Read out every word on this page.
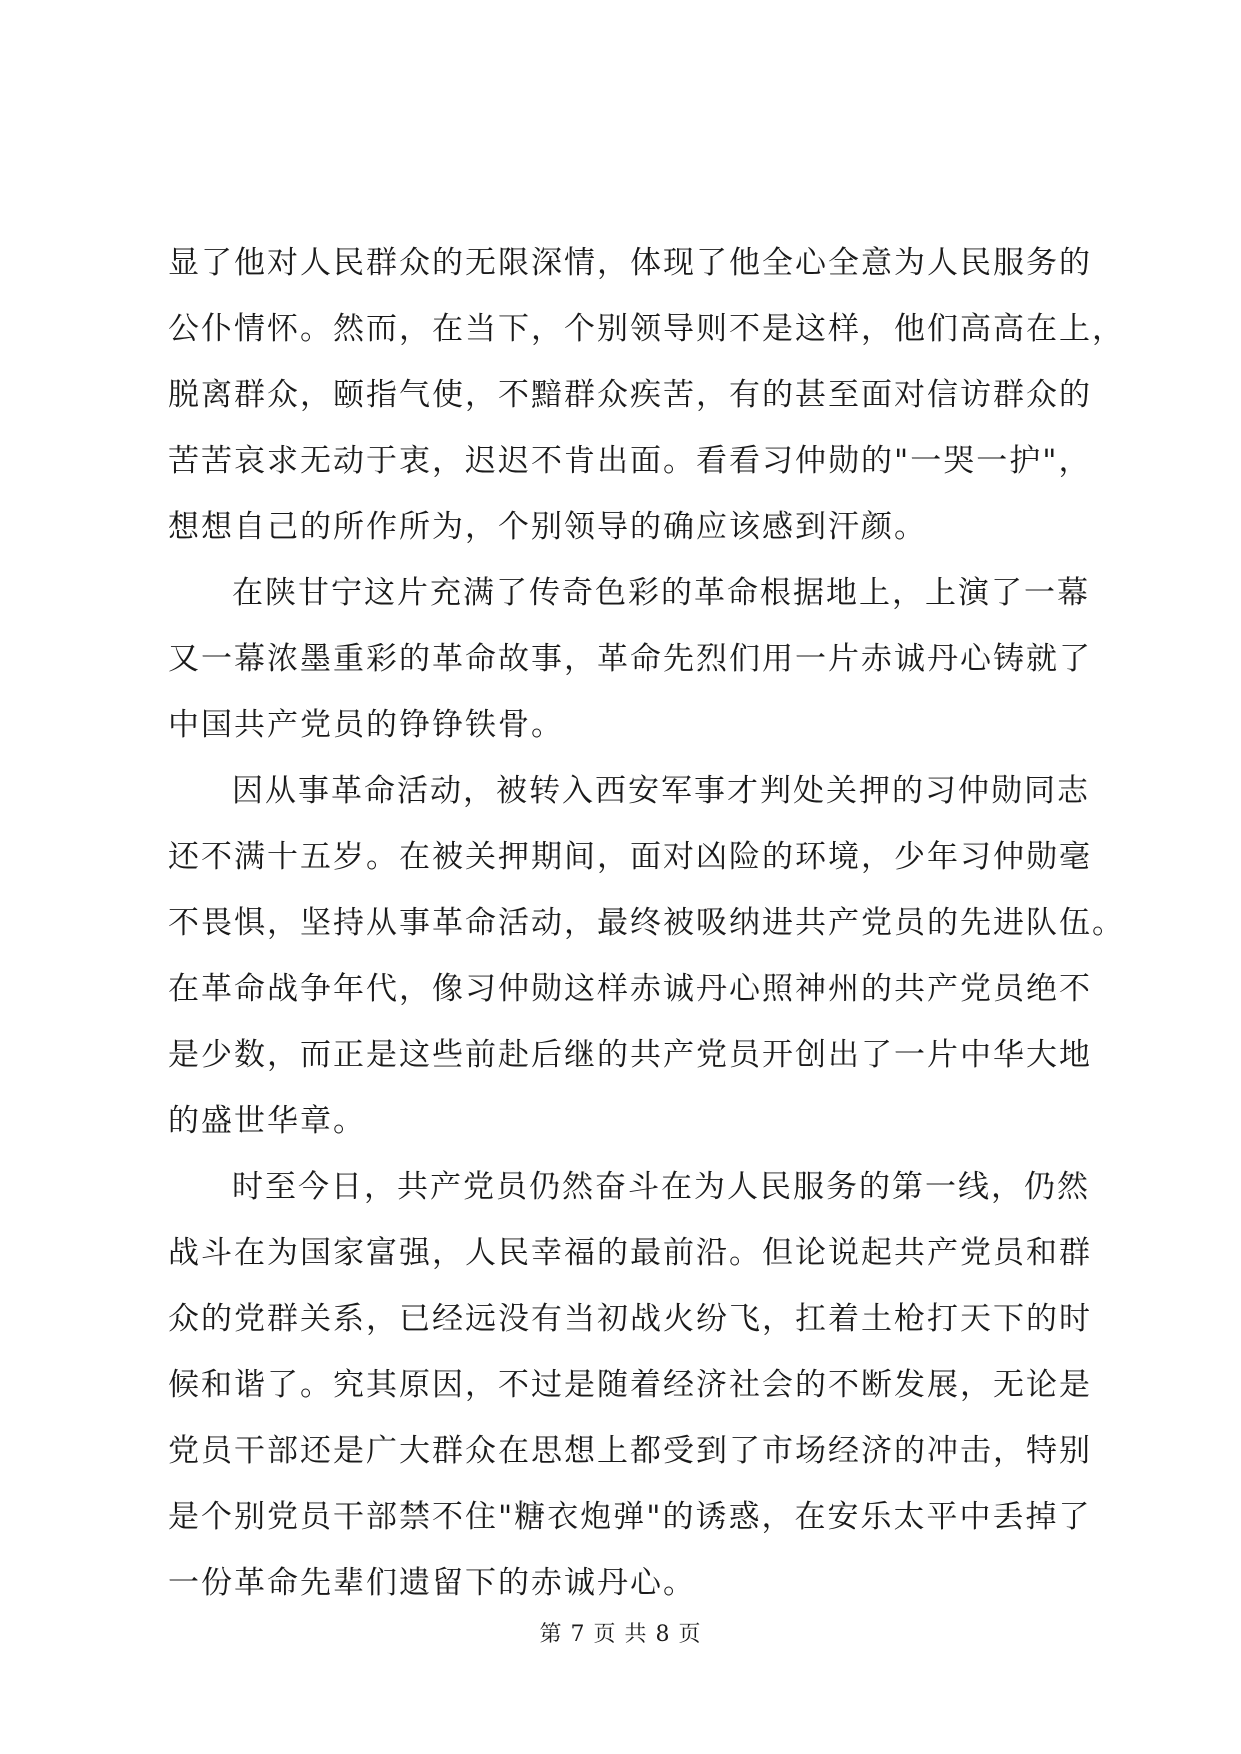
显了他对人民群众的无限深情，体现了他全心全意为人民服务的
公仆情怀。然而，在当下，个别领导则不是这样，他们高高在上，
脱离群众，颐指气使，不黯群众疾苦，有的甚至面对信访群众的
苦苦哀求无动于衷，迟迟不肯出面。看看习仲勋的"一哭一护"，
想想自己的所作所为，个别领导的确应该感到汗颜。
在陕甘宁这片充满了传奇色彩的革命根据地上，上演了一幕
又一幕浓墨重彩的革命故事，革命先烈们用一片赤诚丹心铸就了
中国共产党员的铮铮铁骨。
因从事革命活动，被转入西安军事才判处关押的习仲勋同志
还不满十五岁。在被关押期间，面对凶险的环境，少年习仲勋毫
不畏惧，坚持从事革命活动，最终被吸纳进共产党员的先进队伍。
在革命战争年代，像习仲勋这样赤诚丹心照神州的共产党员绝不
是少数，而正是这些前赴后继的共产党员开创出了一片中华大地
的盛世华章。
时至今日，共产党员仍然奋斗在为人民服务的第一线，仍然
战斗在为国家富强，人民幸福的最前沿。但论说起共产党员和群
众的党群关系，已经远没有当初战火纷飞，扛着土枪打天下的时
候和谐了。究其原因，不过是随着经济社会的不断发展，无论是
党员干部还是广大群众在思想上都受到了市场经济的冲击，特别
是个别党员干部禁不住"糖衣炮弹"的诱惑，在安乐太平中丢掉了
一份革命先辈们遗留下的赤诚丹心。
第 7 页 共 8 页
